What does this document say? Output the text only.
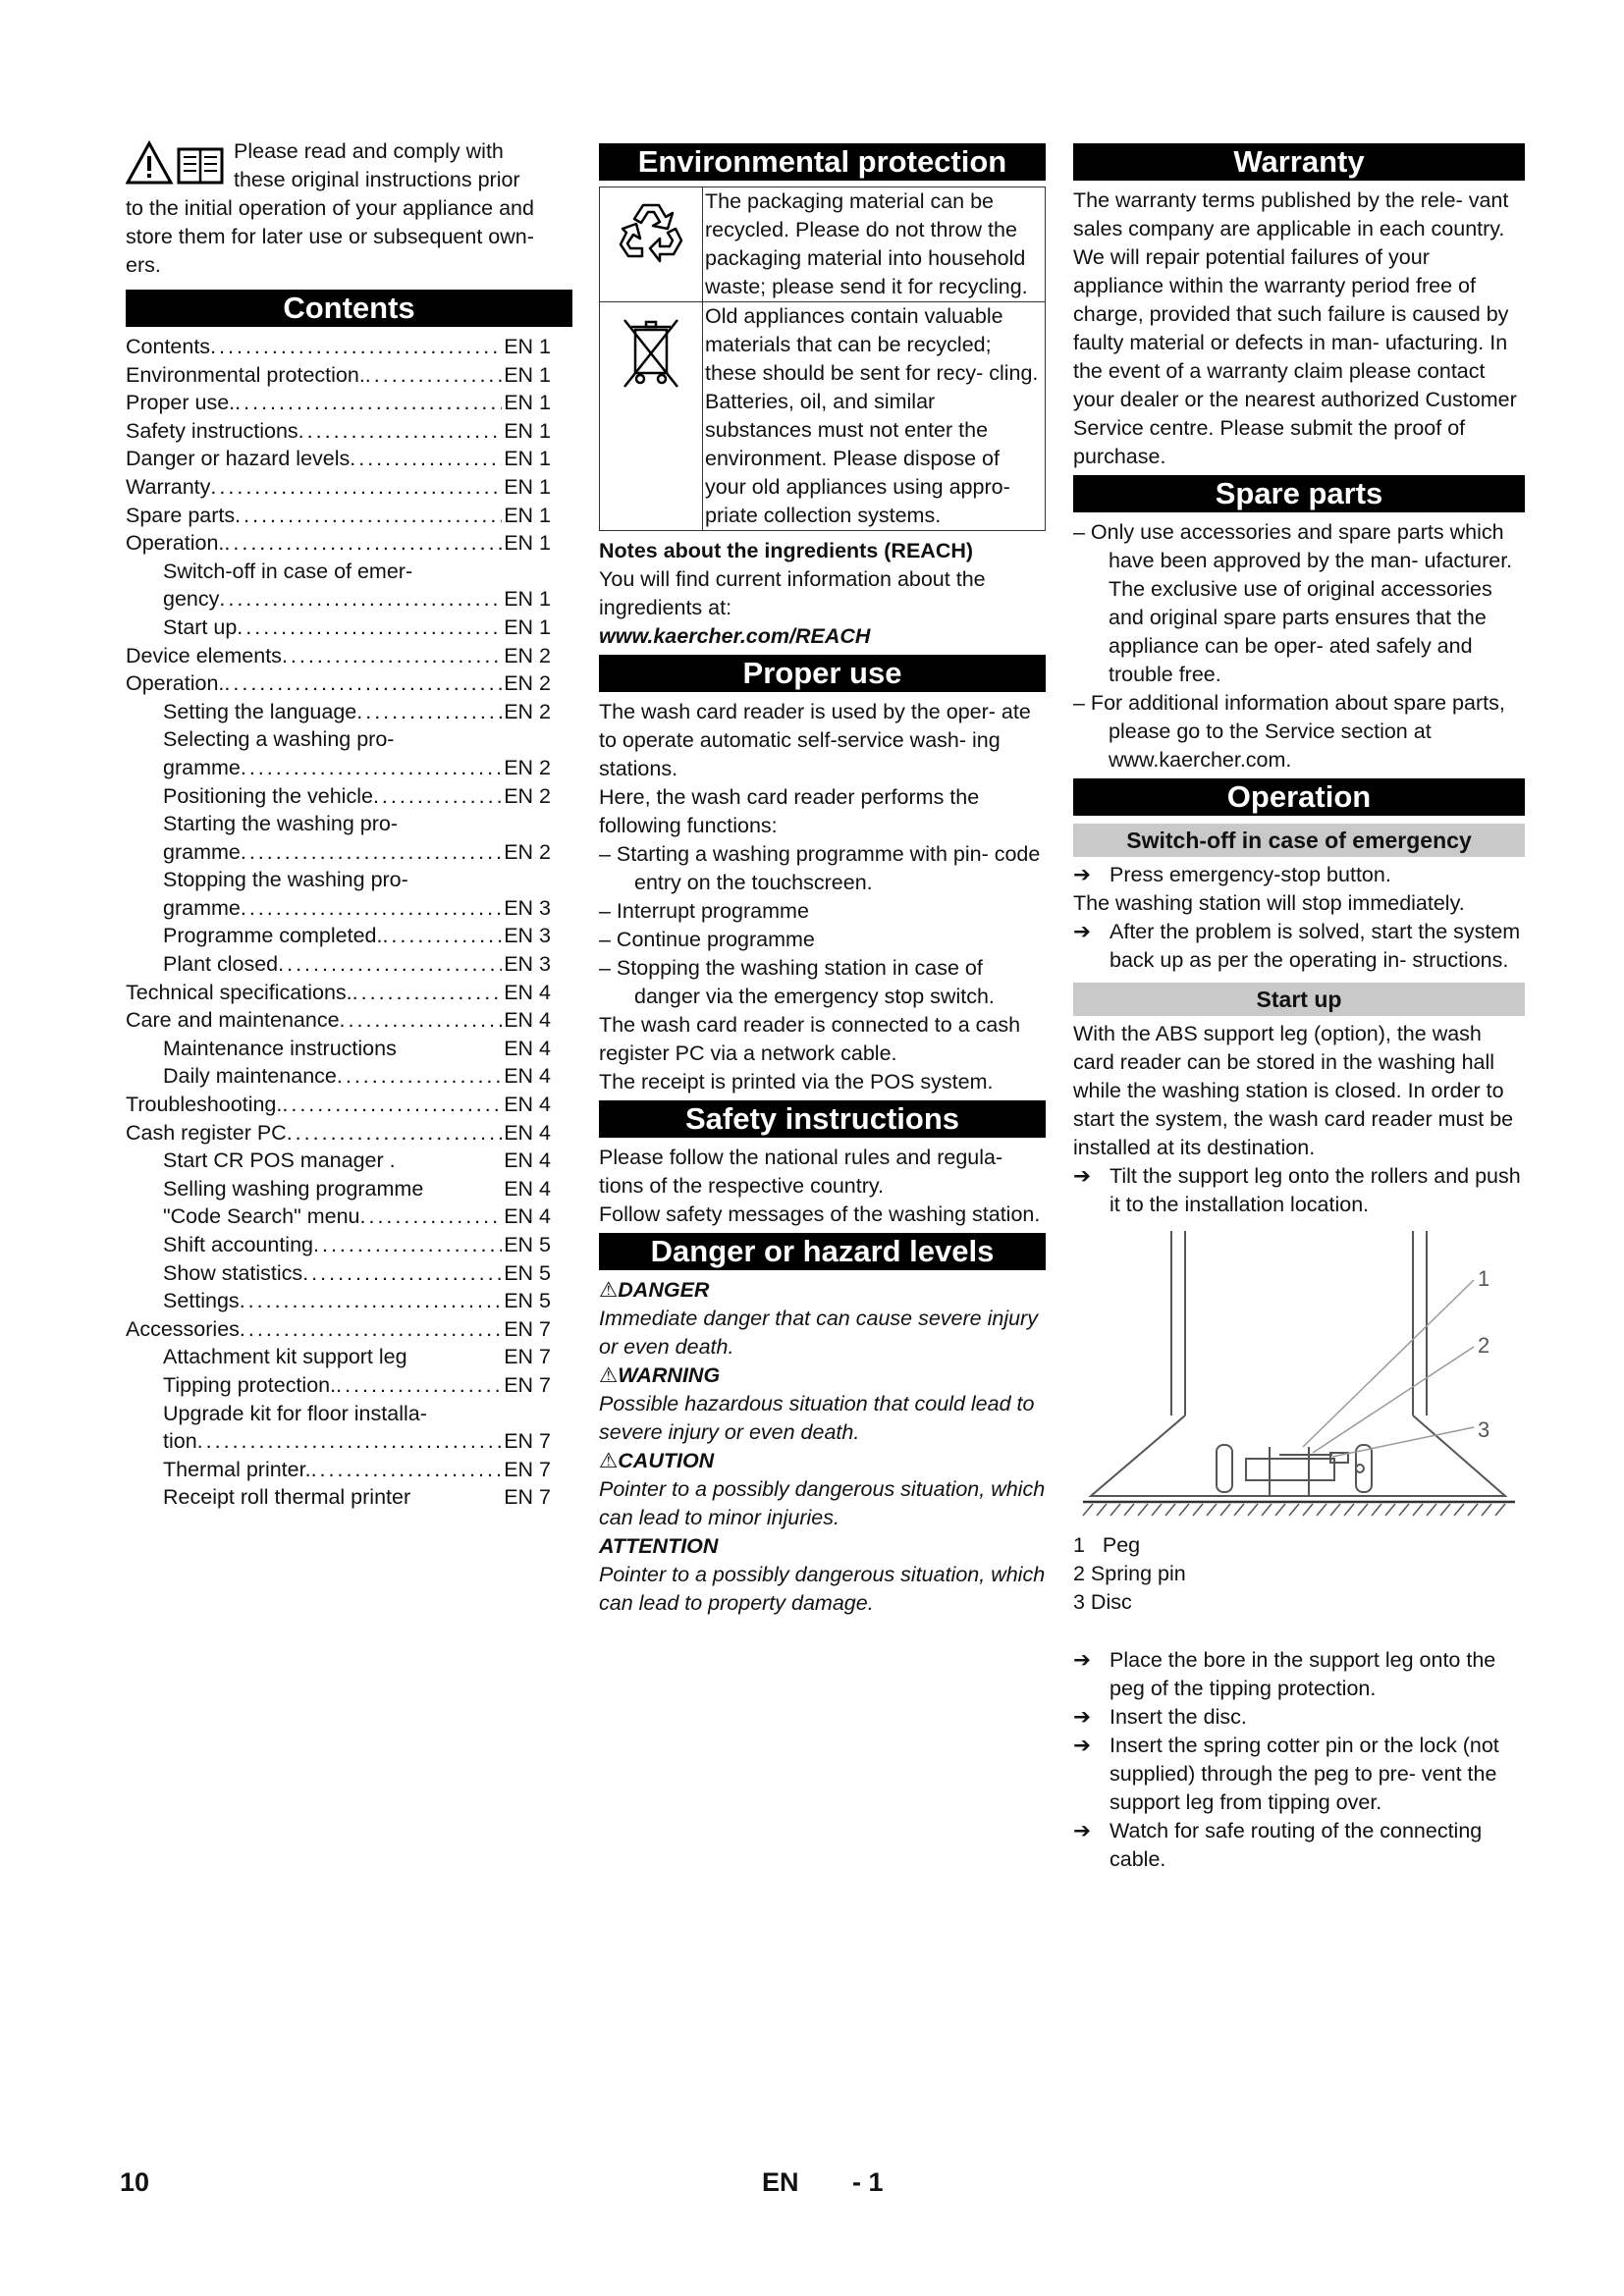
Please read and comply with

these original instructions prior

to the initial operation of your appliance and store them for later use or subsequent own- ers.

Contents
Contents .....	EN 1
Environmental protection. .....	EN 1
Proper use. .....	EN 1
Safety instructions .....	EN 1
Danger or hazard levels .....	EN 1
Warranty .....	EN 1
Spare parts .....	EN 1
Operation. .....	EN 1
Switch-off in case of emer-
gency .....	EN 1
Start up .....	EN 1
Device elements .....	EN 2
Operation. .....	EN 2
Setting the language .....	EN 2
Selecting a washing pro-
gramme .....	EN 2
Positioning the vehicle .....	EN 2
Starting the washing pro-
gramme .....	EN 2
Stopping the washing pro-
gramme .....	EN 3
Programme completed. .....	EN 3
Plant closed .....	EN 3
Technical specifications. .....	EN 4
Care and maintenance .....	EN 4
Maintenance instructions	EN 4
Daily maintenance .....	EN 4
Troubleshooting. .....	EN 4
Cash register PC .....	EN 4
Start CR POS manager .	EN 4
Selling washing programme	EN 4
"Code Search" menu .....	EN 4
Shift accounting .....	EN 5
Show statistics .....	EN 5
Settings .....	EN 5
Accessories .....	EN 7
Attachment kit support leg	EN 7
Tipping protection. .....	EN 7
Upgrade kit for floor installa-
tion .....	EN 7
Thermal printer. .....	EN 7
Receipt roll thermal printer	EN 7
Environmental protection
The packaging material can be recycled. Please do not throw the packaging material into household waste; please send it for recycling.
Old appliances contain valuable materials that can be recycled; these should be sent for recy- cling. Batteries, oil, and similar substances must not enter the environment. Please dispose of your old appliances using appro- priate collection systems.

Notes about the ingredients (REACH)

You will find current information about the ingredients at:

www.kaercher.com/REACH

Proper use

The wash card reader is used by the oper- ate to operate automatic self-service wash- ing stations.

Here, the wash card reader performs the following functions:

– Starting a washing programme with pin- code entry on the touchscreen.

– Interrupt programme

– Continue programme

– Stopping the washing station in case of danger via the emergency stop switch.

The wash card reader is connected to a cash register PC via a network cable.

The receipt is printed via the POS system.

Safety instructions

Please follow the national rules and regula- tions of the respective country.

Follow safety messages of the washing station.

Danger or hazard levels

⚠DANGER

Immediate danger that can cause severe injury or even death.

⚠WARNING

Possible hazardous situation that could lead to severe injury or even death.

⚠CAUTION

Pointer to a possibly dangerous situation, which can lead to minor injuries.

ATTENTION

Pointer to a possibly dangerous situation, which can lead to property damage.

Warranty

The warranty terms published by the rele- vant sales company are applicable in each country. We will repair potential failures of your appliance within the warranty period free of charge, provided that such failure is caused by faulty material or defects in man- ufacturing. In the event of a warranty claim please contact your dealer or the nearest authorized Customer Service centre. Please submit the proof of purchase.

Spare parts

– Only use accessories and spare parts which have been approved by the man- ufacturer. The exclusive use of original accessories and original spare parts ensures that the appliance can be oper- ated safely and trouble free.

– For additional information about spare parts, please go to the Service section at www.kaercher.com.

Operation
Switch-off in case of emergency

➔ Press emergency-stop button.

The washing station will stop immediately.

➔ After the problem is solved, start the system back up as per the operating in- structions.

Start up

With the ABS support leg (option), the wash card reader can be stored in the washing hall while the washing station is closed. In order to start the system, the wash card reader must be installed at its destination.

➔ Tilt the support leg onto the rollers and push it to the installation location.

1
2
3

1   Peg

2 Spring pin

3 Disc

➔ Place the bore in the support leg onto the peg of the tipping protection.

➔ Insert the disc.

➔ Insert the spring cotter pin or the lock (not supplied) through the peg to pre- vent the support leg from tipping over.

➔ Watch for safe routing of the connecting cable.

10	EN - 1
